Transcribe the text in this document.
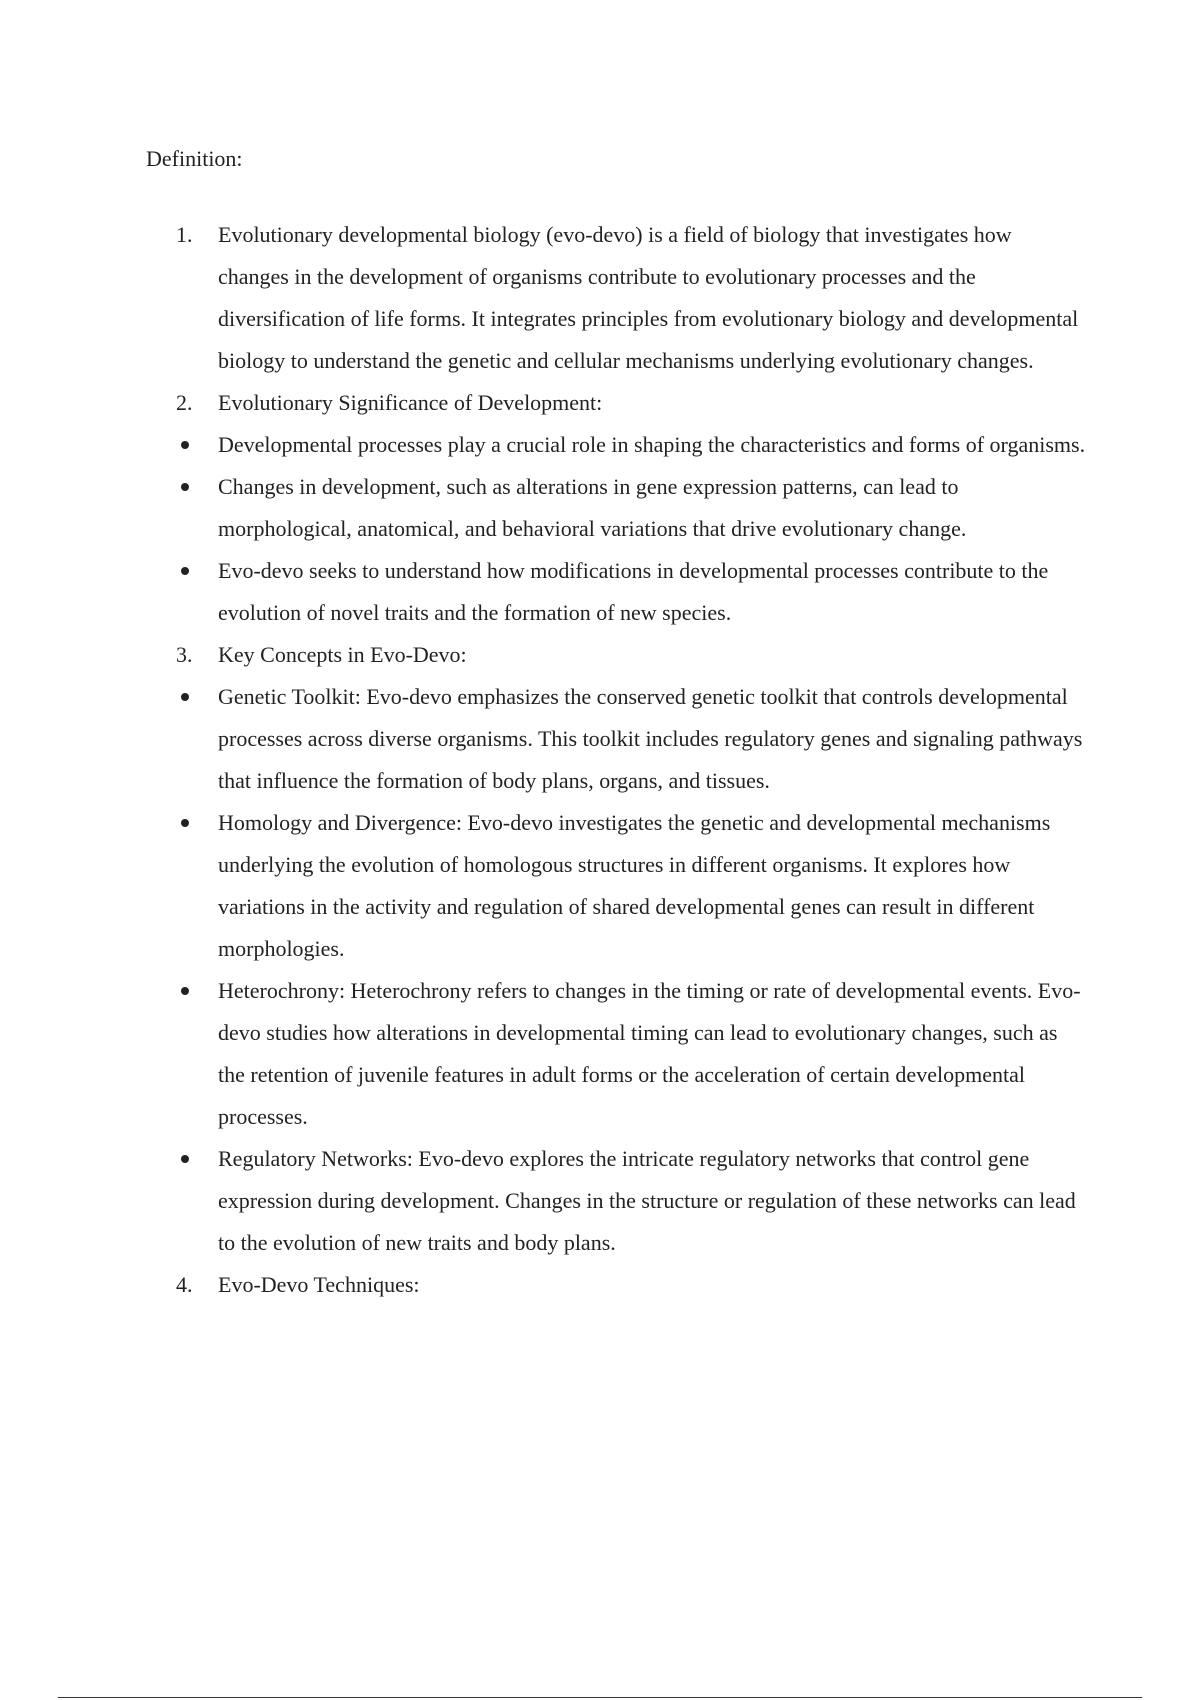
Definition:
1.	Evolutionary developmental biology (evo-devo) is a field of biology that investigates how changes in the development of organisms contribute to evolutionary processes and the diversification of life forms. It integrates principles from evolutionary biology and developmental biology to understand the genetic and cellular mechanisms underlying evolutionary changes.
2.	Evolutionary Significance of Development:
Developmental processes play a crucial role in shaping the characteristics and forms of organisms.
Changes in development, such as alterations in gene expression patterns, can lead to morphological, anatomical, and behavioral variations that drive evolutionary change.
Evo-devo seeks to understand how modifications in developmental processes contribute to the evolution of novel traits and the formation of new species.
3.	Key Concepts in Evo-Devo:
Genetic Toolkit: Evo-devo emphasizes the conserved genetic toolkit that controls developmental processes across diverse organisms. This toolkit includes regulatory genes and signaling pathways that influence the formation of body plans, organs, and tissues.
Homology and Divergence: Evo-devo investigates the genetic and developmental mechanisms underlying the evolution of homologous structures in different organisms. It explores how variations in the activity and regulation of shared developmental genes can result in different morphologies.
Heterochrony: Heterochrony refers to changes in the timing or rate of developmental events. Evo-devo studies how alterations in developmental timing can lead to evolutionary changes, such as the retention of juvenile features in adult forms or the acceleration of certain developmental processes.
Regulatory Networks: Evo-devo explores the intricate regulatory networks that control gene expression during development. Changes in the structure or regulation of these networks can lead to the evolution of new traits and body plans.
4.	Evo-Devo Techniques:
